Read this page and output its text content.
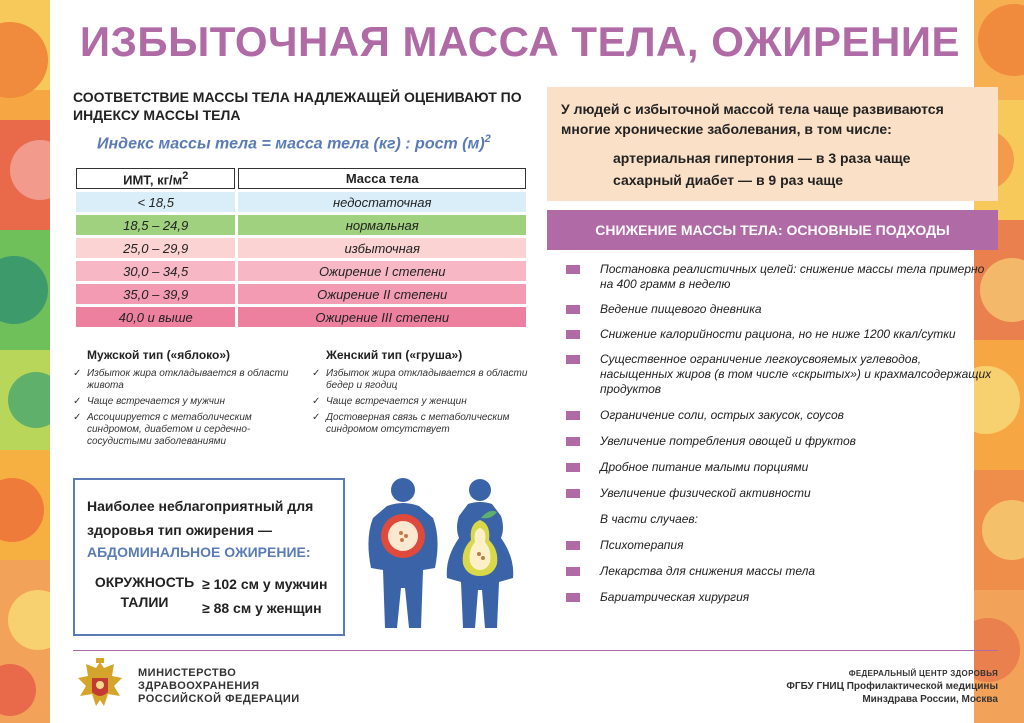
ИЗБЫТОЧНАЯ МАССА ТЕЛА, ОЖИРЕНИЕ
СООТВЕТСТВИЕ МАССЫ ТЕЛА НАДЛЕЖАЩЕЙ ОЦЕНИВАЮТ ПО
ИНДЕКСУ МАССЫ ТЕЛА
Индекс массы тела = масса тела (кг) : рост $(м)^2$
ИМТ, $кг/м^2$	Масса тела
< 18,5	недостаточная
18,5 – 24,9	нормальная
25,0 – 29,9	избыточная
30,0 – 34,5	Ожирение I степени
35,0 – 39,9	Ожирение II степени
40,0 и выше	Ожирение III степени
Мужской тип («яблоко»)
✓ Избыток жира откладывается в области живота
✓ Чаще встречается у мужчин
✓ Ассоциируется с метаболическим синдромом, диабетом и сердечно-сосудистыми заболеваниями
Женский тип («груша»)
✓ Избыток жира откладывается в области бедер и ягодиц
✓ Чаще встречается у женщин
✓ Достоверная связь с метаболическим синдромом отсутствует
Наиболее неблагоприятный для
здоровья тип ожирения —
АБДОМИНАЛЬНОЕ ОЖИРЕНИЕ:
ОКРУЖНОСТЬ
ТАЛИИ
≥ 102 см у мужчин
≥ 88 см у женщин
У людей с избыточной массой тела чаще развиваются
многие хронические заболевания, в том числе:
артериальная гипертония — в 3 раза чаще
сахарный диабет — в 9 раз чаще
СНИЖЕНИЕ МАССЫ ТЕЛА: ОСНОВНЫЕ ПОДХОДЫ
Постановка реалистичных целей: снижение массы тела примерно на 400 грамм в неделю
Ведение пищевого дневника
Снижение калорийности рациона, но не ниже 1200 ккал/сутки
Существенное ограничение легкоусвояемых углеводов, насыщенных жиров (в том числе «скрытых») и крахмалсодержащих продуктов
Ограничение соли, острых закусок, соусов
Увеличение потребления овощей и фруктов
Дробное питание малыми порциями
Увеличение физической активности
В части случаев:
Психотерапия
Лекарства для снижения массы тела
Бариатрическая хирургия
МИНИСТЕРСТВО
ЗДРАВООХРАНЕНИЯ
РОССИЙСКОЙ ФЕДЕРАЦИИ
ФЕДЕРАЛЬНЫЙ ЦЕНТР ЗДОРОВЬЯ
ФГБУ ГНИЦ Профилактической медицины
Минздрава России, Москва
